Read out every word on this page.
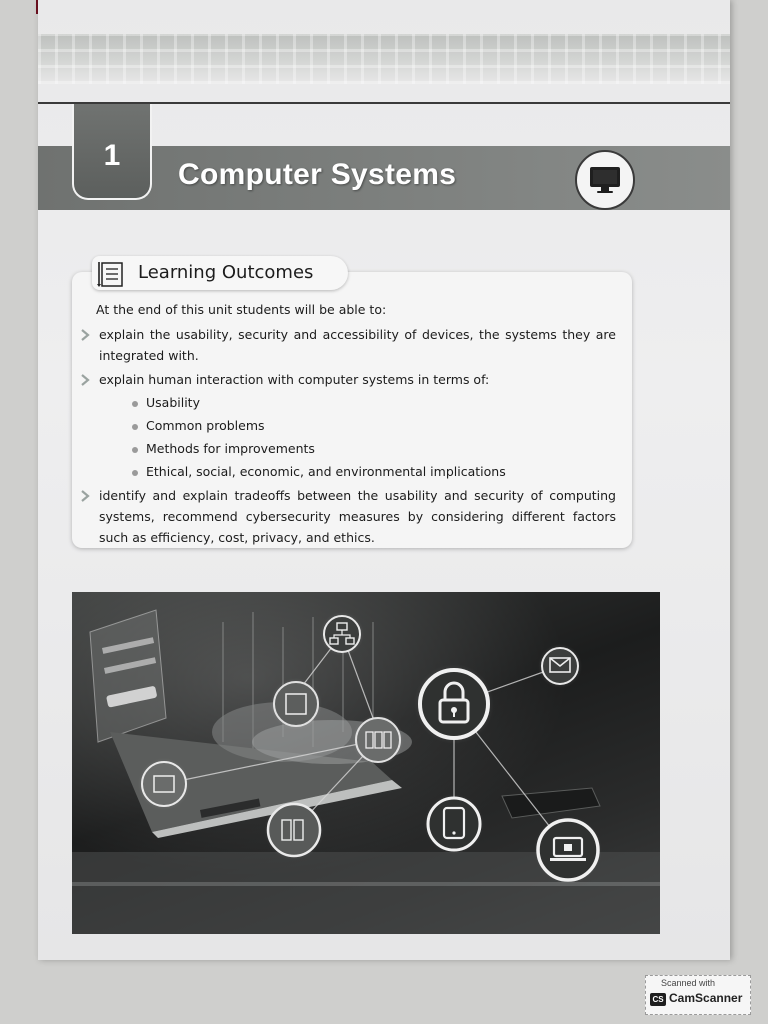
1
Computer Systems
Learning Outcomes
At the end of this unit students will be able to:
explain the usability, security and accessibility of devices, the systems they are integrated with.
explain human interaction with computer systems in terms of:
Usability
Common problems
Methods for improvements
Ethical, social, economic, and environmental implications
identify and explain tradeoffs between the usability and security of computing systems, recommend cybersecurity measures by considering different factors such as efficiency, cost, privacy, and ethics.
Scanned with
CS CamScanner
